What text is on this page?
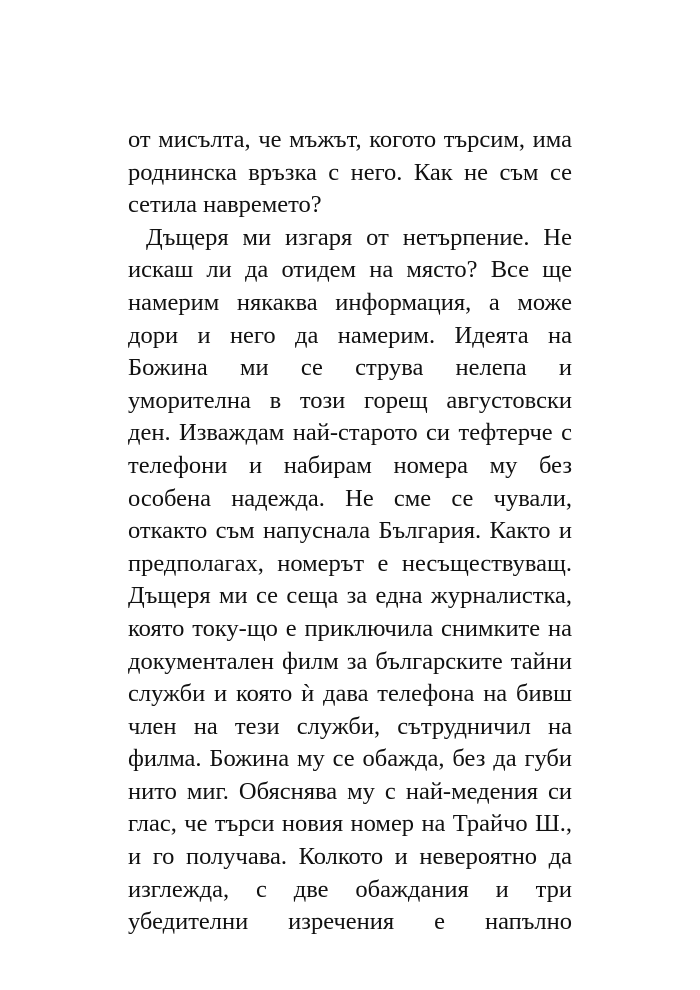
от мисълта, че мъжът, когото търсим, има
роднинска връзка с него. Как не съм се
сетила навремето?
Дъщеря ми изгаря от нетърпение. Не
искаш ли да отидем на място? Все ще
намерим някаква информация, а може
дори и него да намерим. Идеята на
Божина ми се струва нелепа и
уморителна в този горещ августовски
ден. Изваждам най-старото си тефтерче с
телефони и набирам номера му без
особена надежда. Не сме се чували,
откакто съм напуснала България. Както и
предполагах, номерът е несъществуващ.
Дъщеря ми се сеща за една журналистка,
която току-що е приключила снимките на
документален филм за българските тайни
служби и която ѝ дава телефона на бивш
член на тези служби, сътрудничил на
филма. Божина му се обажда, без да губи
нито миг. Обяснява му с най-медения си
глас, че търси новия номер на Трайчо Ш.,
и го получава. Колкото и невероятно да
изглежда, с две обаждания и три
убедителни изречения е напълно
